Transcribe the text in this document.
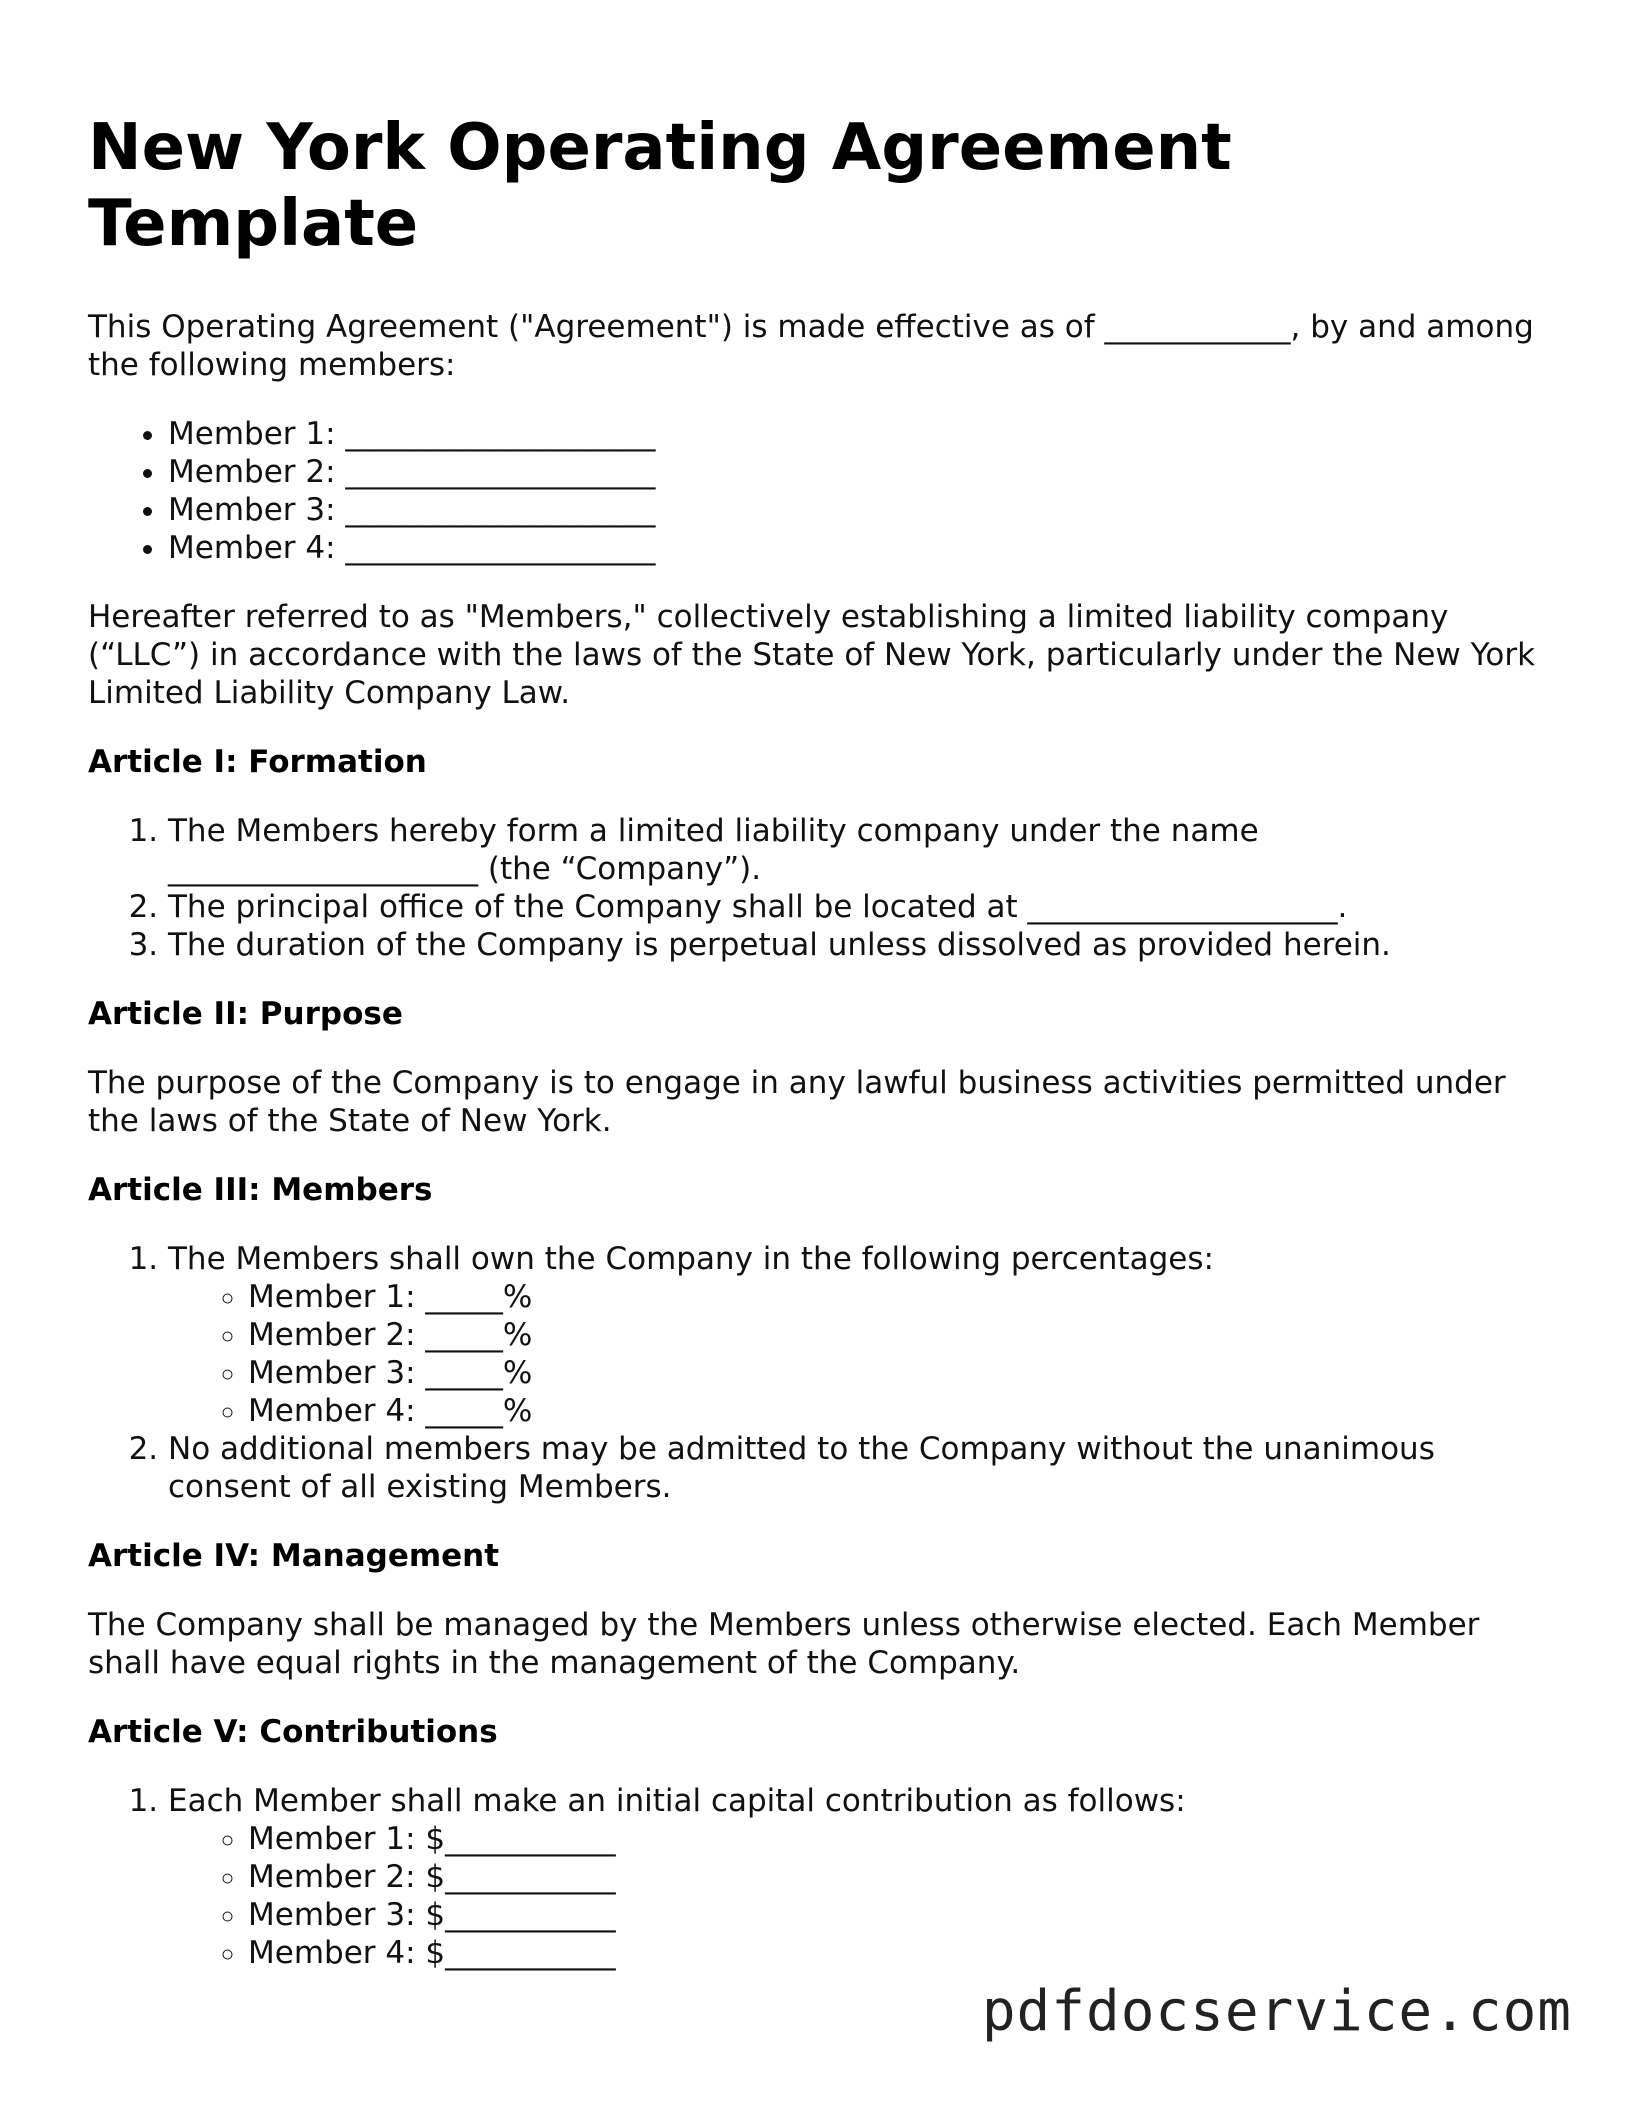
New York Operating Agreement Template

This Operating Agreement ("Agreement") is made effective as of ____________, by and among the following members:

• Member 1: ____________________
• Member 2: ____________________
• Member 3: ____________________
• Member 4: ____________________

Hereafter referred to as "Members," collectively establishing a limited liability company (“LLC”) in accordance with the laws of the State of New York, particularly under the New York Limited Liability Company Law.

Article I: Formation
1. The Members hereby form a limited liability company under the name ____________________ (the “Company”).
2. The principal office of the Company shall be located at ____________________.
3. The duration of the Company is perpetual unless dissolved as provided herein.
Article II: Purpose

The purpose of the Company is to engage in any lawful business activities permitted under the laws of the State of New York.

Article III: Members
1. The Members shall own the Company in the following percentages:
◦ Member 1: _____%
◦ Member 2: _____%
◦ Member 3: _____%
◦ Member 4: _____%
2. No additional members may be admitted to the Company without the unanimous consent of all existing Members.
Article IV: Management

The Company shall be managed by the Members unless otherwise elected. Each Member shall have equal rights in the management of the Company.

Article V: Contributions
1. Each Member shall make an initial capital contribution as follows:
◦ Member 1: $___________
◦ Member 2: $___________
◦ Member 3: $___________
◦ Member 4: $___________
pdfdocservice.com
